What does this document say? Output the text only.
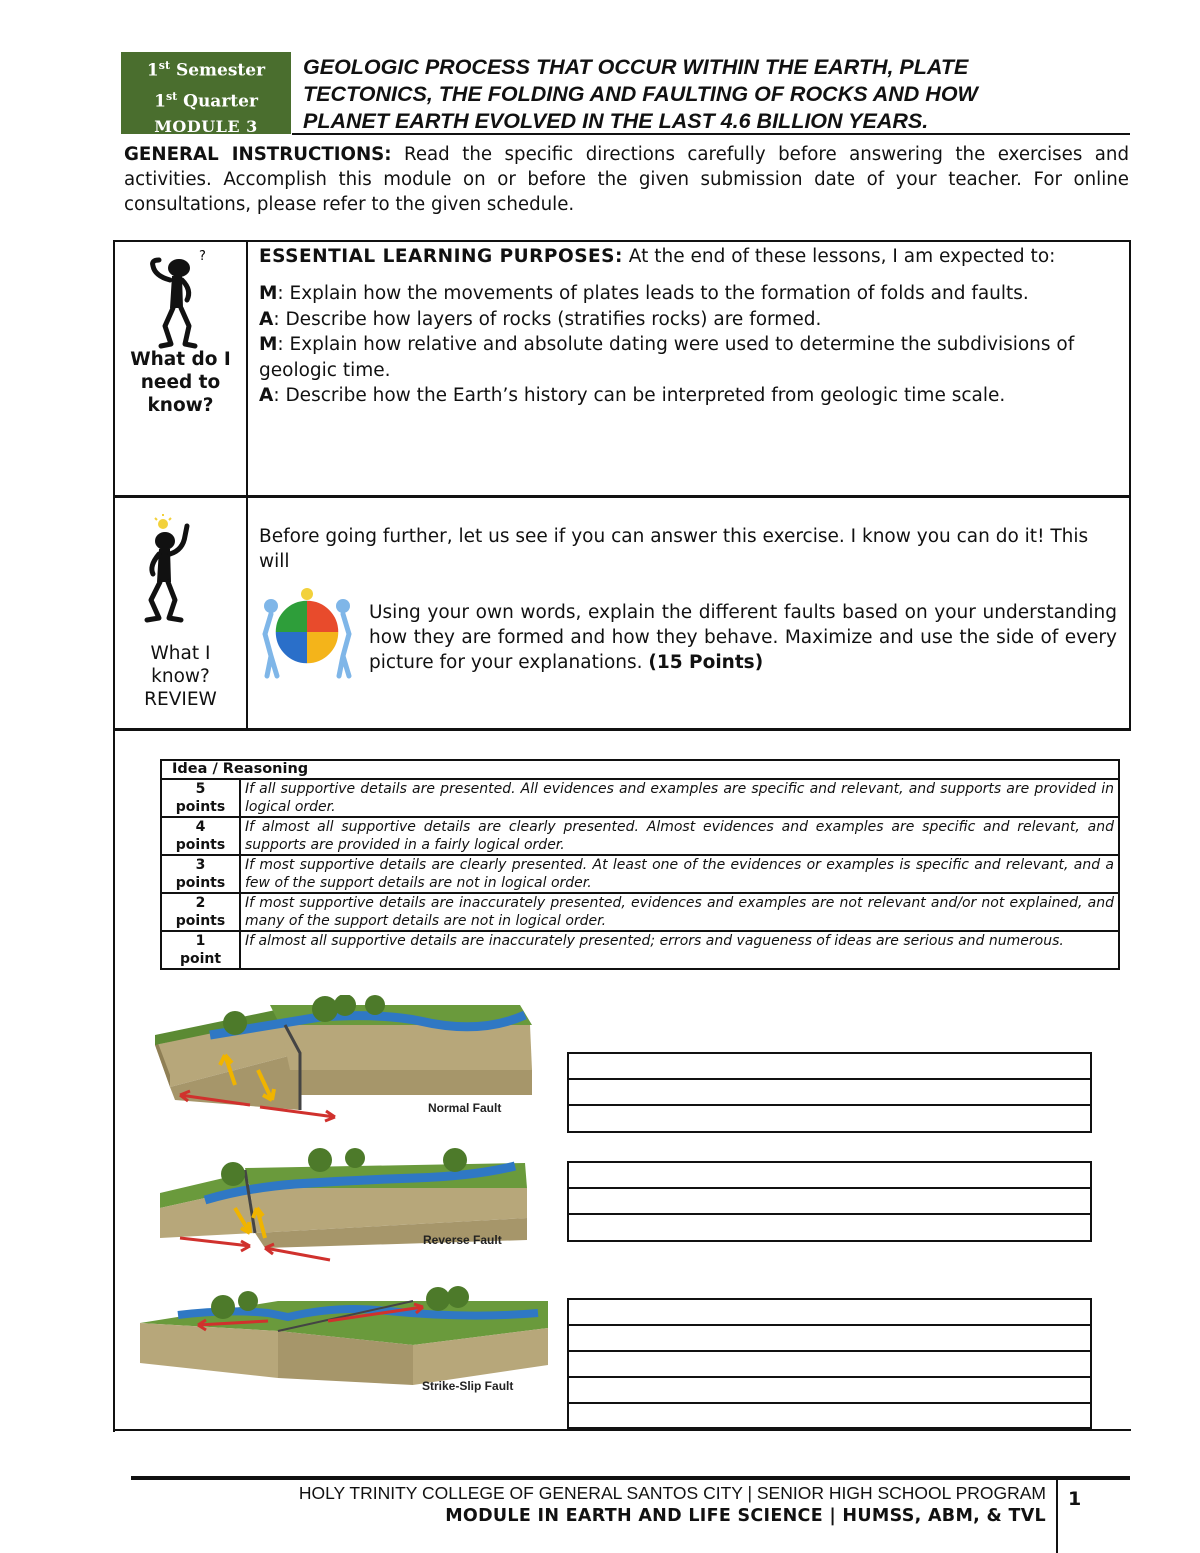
1st Semester
1st Quarter
MODULE 3
GEOLOGIC PROCESS THAT OCCUR WITHIN THE EARTH, PLATE
TECTONICS, THE FOLDING AND FAULTING OF ROCKS AND HOW
PLANET EARTH EVOLVED IN THE LAST 4.6 BILLION YEARS.
GENERAL INSTRUCTIONS: Read the specific directions carefully before answering the exercises and activities. Accomplish this module on or before the given submission date of your teacher. For online consultations, please refer to the given schedule.
?
What do I
need to
know?

ESSENTIAL LEARNING PURPOSES: At the end of these lessons, I am expected to:

M: Explain how the movements of plates leads to the formation of folds and faults.

A: Describe how layers of rocks (stratifies rocks) are formed.

M: Explain how relative and absolute dating were used to determine the subdivisions of geologic time.

A: Describe how the Earth’s history can be interpreted from geologic time scale.

What I
know?
REVIEW
Before going further, let us see if you can answer this exercise. I know you can do it! This will
Using your own words, explain the different faults based on your understanding how they are formed and how they behave. Maximize and use the side of every picture for your explanations. (15 Points)
Idea / Reasoning	

5
points	If all supportive details are presented. All evidences and examples are specific and relevant, and supports are provided in logical order.

4
points	If almost all supportive details are clearly presented. Almost evidences and examples are specific and relevant, and supports are provided in a fairly logical order.

3
points	If most supportive details are clearly presented. At least one of the evidences or examples is specific and relevant, and a few of the support details are not in logical order.

2
points	If most supportive details are inaccurately presented, evidences and examples are not relevant and/or not explained, and many of the support details are not in logical order.

1
point	If almost all supportive details are inaccurately presented; errors and vagueness of ideas are serious and numerous.
Normal Fault
Reverse Fault
Strike-Slip Fault
HOLY TRINITY COLLEGE OF GENERAL SANTOS CITY | SENIOR HIGH SCHOOL PROGRAM
MODULE IN EARTH AND LIFE SCIENCE | HUMSS, ABM, & TVL
1
